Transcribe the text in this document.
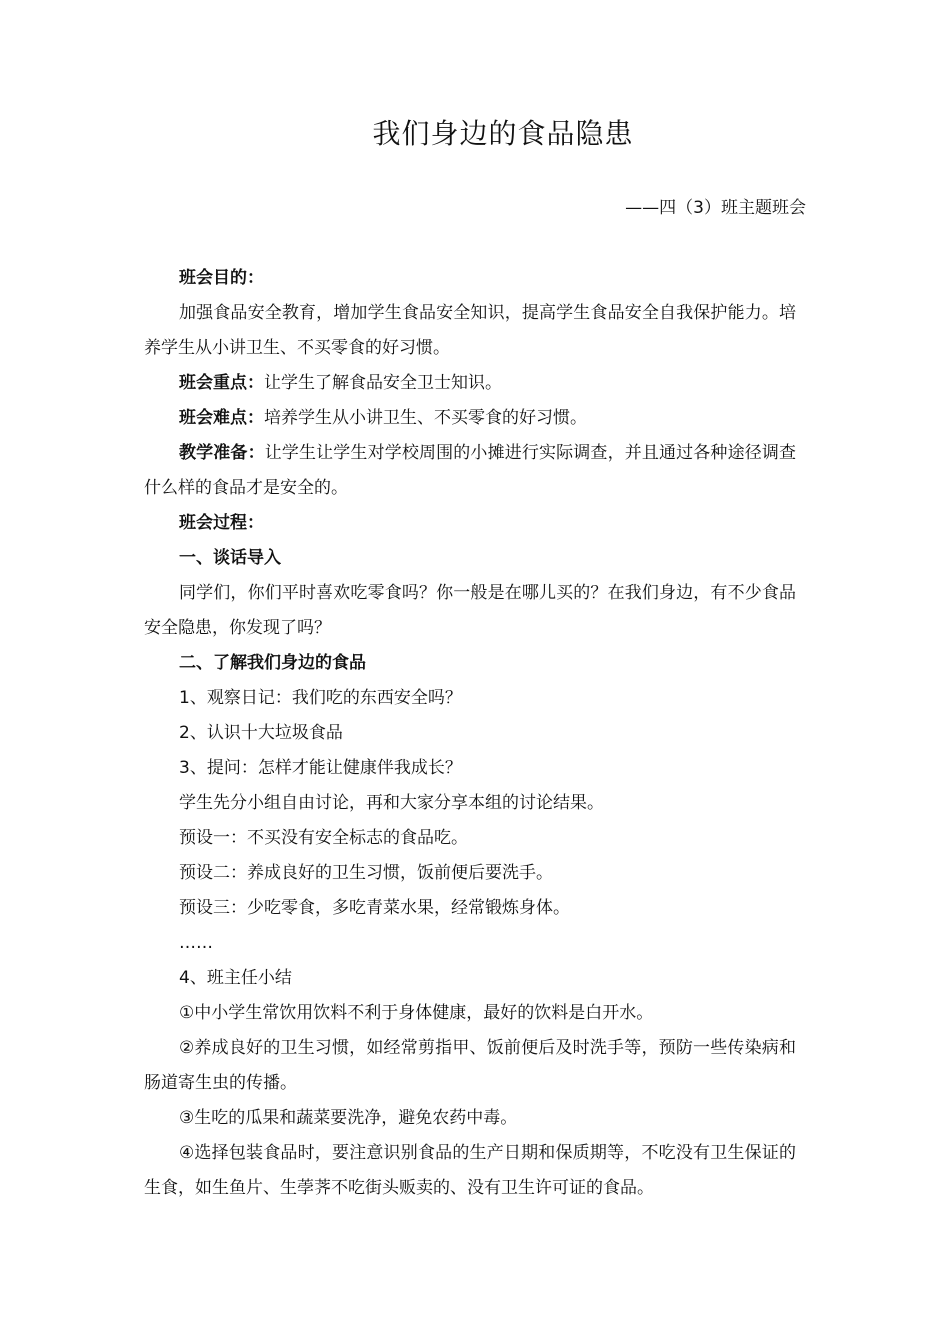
我们身边的食品隐患
——四（3）班主题班会

班会目的：

加强食品安全教育，增加学生食品安全知识，提高学生食品安全自我保护能力。培养学生从小讲卫生、不买零食的好习惯。

班会重点：让学生了解食品安全卫士知识。

班会难点：培养学生从小讲卫生、不买零食的好习惯。

教学准备：让学生让学生对学校周围的小摊进行实际调查，并且通过各种途径调查什么样的食品才是安全的。

班会过程：

一、谈话导入

同学们，你们平时喜欢吃零食吗？你一般是在哪儿买的？在我们身边，有不少食品安全隐患，你发现了吗？

二、了解我们身边的食品

1、观察日记：我们吃的东西安全吗？

2、认识十大垃圾食品

3、提问：怎样才能让健康伴我成长？

学生先分小组自由讨论，再和大家分享本组的讨论结果。

预设一：不买没有安全标志的食品吃。

预设二：养成良好的卫生习惯，饭前便后要洗手。

预设三：少吃零食，多吃青菜水果，经常锻炼身体。

……

4、班主任小结

①中小学生常饮用饮料不利于身体健康，最好的饮料是白开水。

②养成良好的卫生习惯，如经常剪指甲、饭前便后及时洗手等，预防一些传染病和肠道寄生虫的传播。

③生吃的瓜果和蔬菜要洗净，避免农药中毒。

④选择包装食品时，要注意识别食品的生产日期和保质期等，不吃没有卫生保证的生食，如生鱼片、生荸荠不吃街头贩卖的、没有卫生许可证的食品。
